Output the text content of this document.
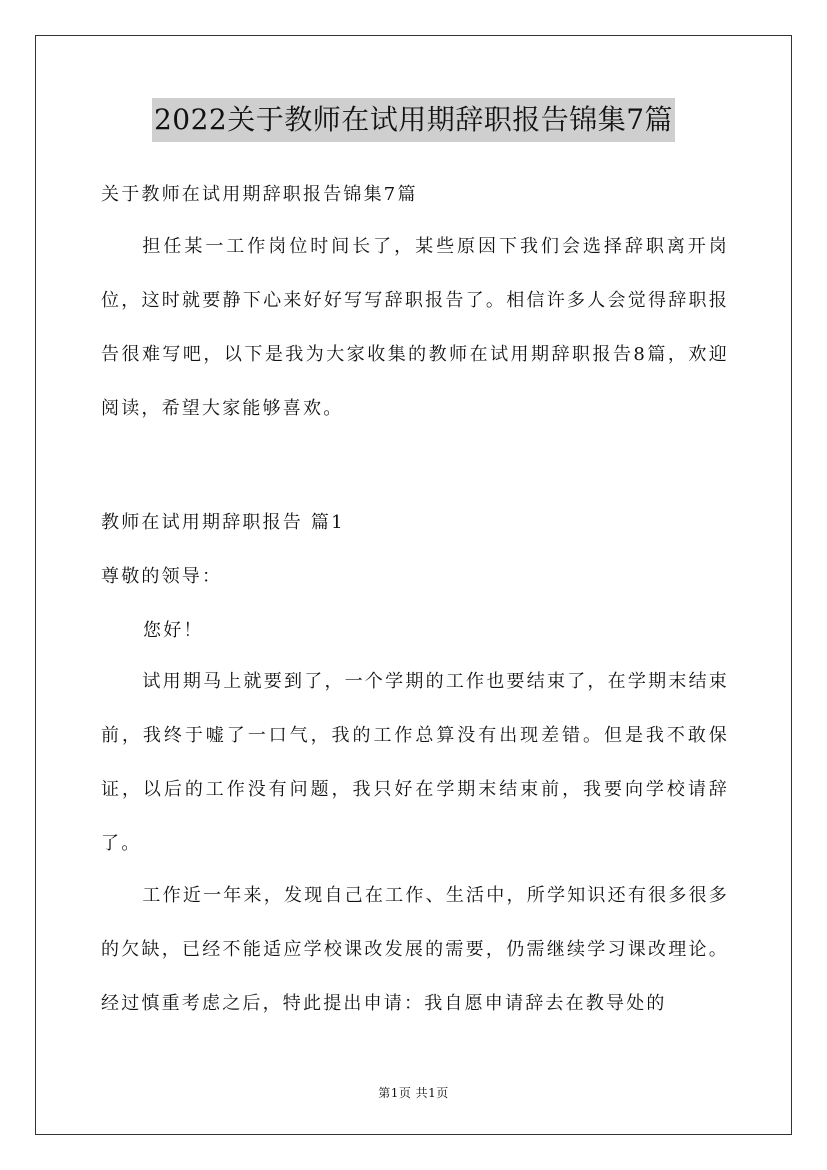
2022关于教师在试用期辞职报告锦集7篇
关于教师在试用期辞职报告锦集7篇

担任某一工作岗位时间长了，某些原因下我们会选择辞职离开岗位，这时就要静下心来好好写写辞职报告了。相信许多人会觉得辞职报告很难写吧，以下是我为大家收集的教师在试用期辞职报告8篇，欢迎阅读，希望大家能够喜欢。

教师在试用期辞职报告 篇1
尊敬的领导：
您好！

试用期马上就要到了，一个学期的工作也要结束了，在学期末结束前，我终于嘘了一口气，我的工作总算没有出现差错。但是我不敢保证，以后的工作没有问题，我只好在学期末结束前，我要向学校请辞了。

工作近一年来，发现自己在工作、生活中，所学知识还有很多很多的欠缺，已经不能适应学校课改发展的需要，仍需继续学习课改理论。经过慎重考虑之后，特此提出申请：我自愿申请辞去在教导处的

第1页 共1页
